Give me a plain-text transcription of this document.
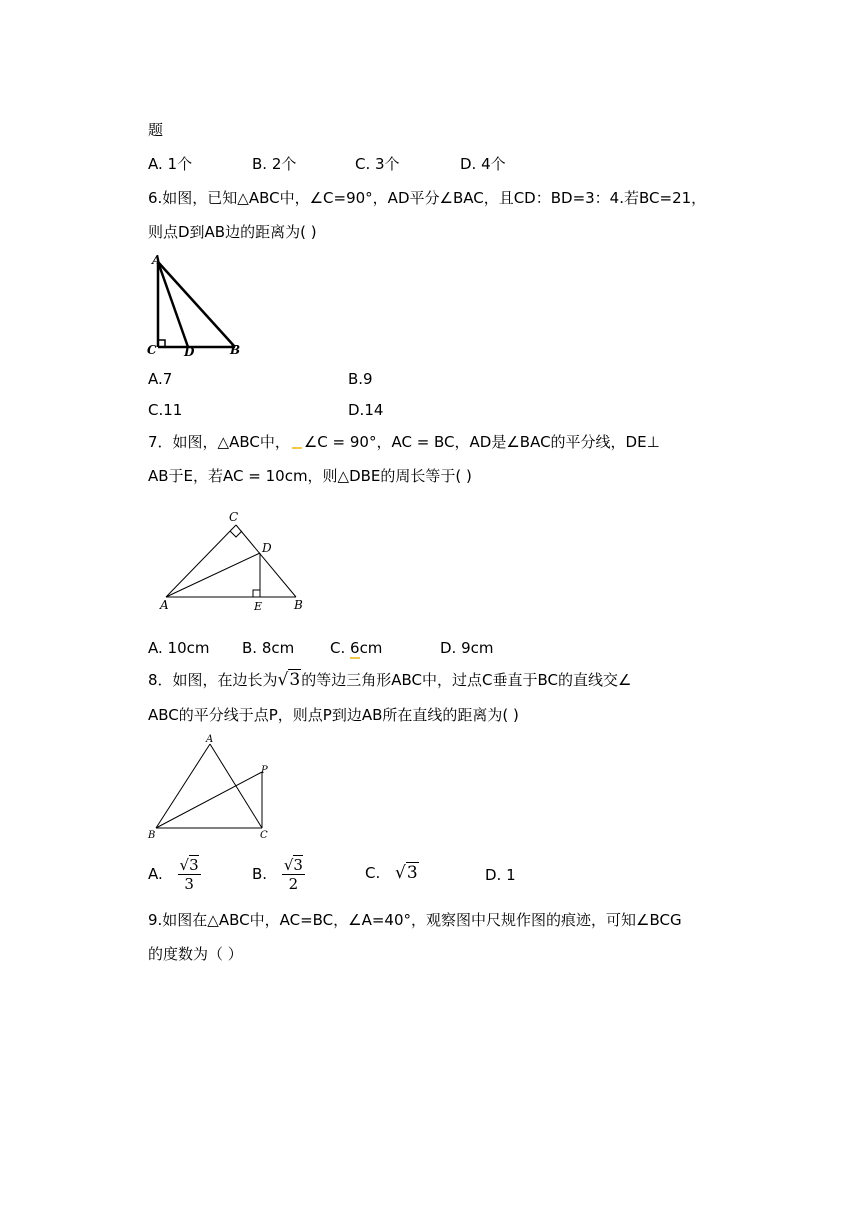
题
A. 1个	B. 2个	C. 3个	D. 4个
6.如图，已知△ABC中，∠C=90°，AD平分∠BAC，且CD：BD=3：4.若BC=21，
则点D到AB边的距离为( )
A
C D	B
A.7	B.9
C.11	D.14
7．如图，△ABC中， ∠C = 90°，AC = BC，AD是∠BAC的平分线，DE⊥
AB于E，若AC = 10cm，则△DBE的周长等于( )
C
D
A	E	B
A. 10cm B. 8cm C. 6cm	D. 9cm
8．如图，在边长为√3的等边三角形ABC中，过点C垂直于BC的直线交∠
ABC的平分线于点P，则点P到边AB所在直线的距离为( )
A
P
B	C
A. $\frac{√3}{3}$	B. $\frac{√3}{2}$	C. √3	D. 1
9.如图在△ABC中，AC=BC，∠A=40°，观察图中尺规作图的痕迹，可知∠BCG
的度数为（ ）
